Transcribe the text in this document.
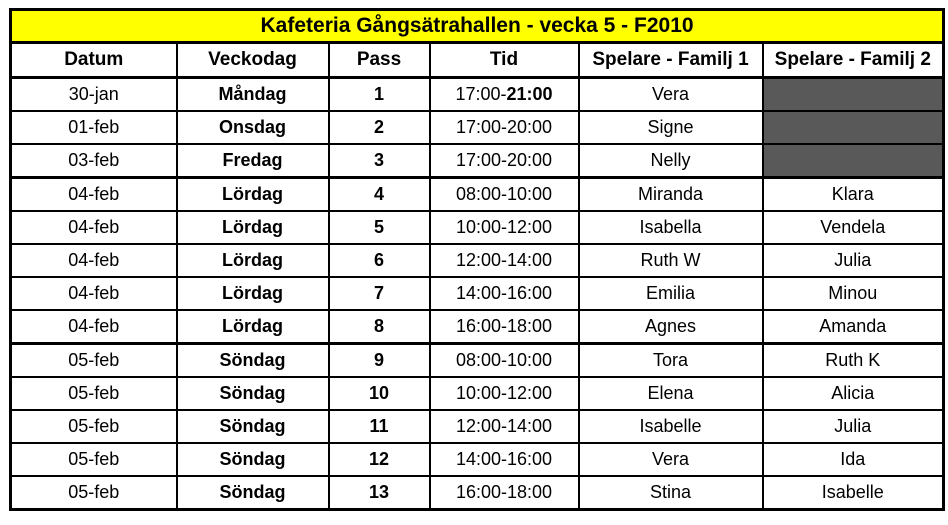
Kafeteria Gångsätrahallen - vecka 5 - F2010					
Datum	Veckodag	Pass	Tid	Spelare - Familj 1	Spelare - Familj 2
30-jan	Måndag	1	17:00-21:00	Vera	
01-feb	Onsdag	2	17:00-20:00	Signe	
03-feb	Fredag	3	17:00-20:00	Nelly	
04-feb	Lördag	4	08:00-10:00	Miranda	Klara
04-feb	Lördag	5	10:00-12:00	Isabella	Vendela
04-feb	Lördag	6	12:00-14:00	Ruth W	Julia
04-feb	Lördag	7	14:00-16:00	Emilia	Minou
04-feb	Lördag	8	16:00-18:00	Agnes	Amanda
05-feb	Söndag	9	08:00-10:00	Tora	Ruth K
05-feb	Söndag	10	10:00-12:00	Elena	Alicia
05-feb	Söndag	11	12:00-14:00	Isabelle	Julia
05-feb	Söndag	12	14:00-16:00	Vera	Ida
05-feb	Söndag	13	16:00-18:00	Stina	Isabelle
